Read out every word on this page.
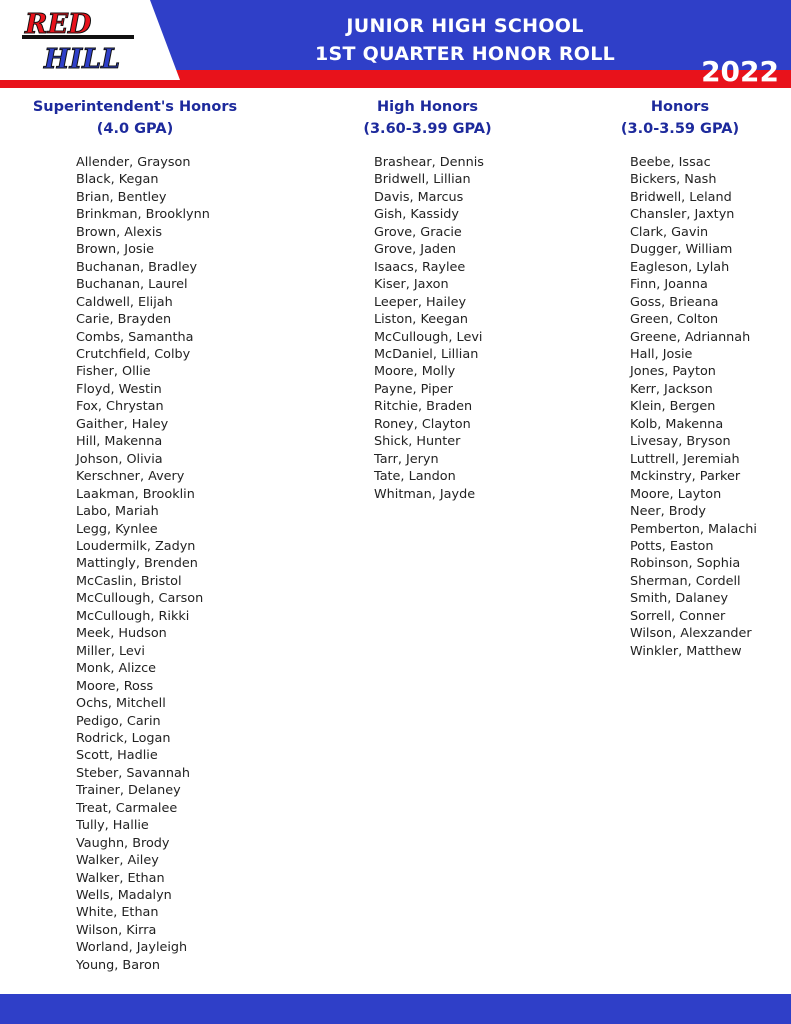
RED
HILL
JUNIOR HIGH SCHOOL
1ST QUARTER HONOR ROLL
2022
Superintendent's Honors
(4.0 GPA)
Allender, Grayson
Black, Kegan
Brian, Bentley
Brinkman, Brooklynn
Brown, Alexis
Brown, Josie
Buchanan, Bradley
Buchanan, Laurel
Caldwell, Elijah
Carie, Brayden
Combs, Samantha
Crutchfield, Colby
Fisher, Ollie
Floyd, Westin
Fox, Chrystan
Gaither, Haley
Hill, Makenna
Johson, Olivia
Kerschner, Avery
Laakman, Brooklin
Labo, Mariah
Legg, Kynlee
Loudermilk, Zadyn
Mattingly, Brenden
McCaslin, Bristol
McCullough, Carson
McCullough, Rikki
Meek, Hudson
Miller, Levi
Monk, Alizce
Moore, Ross
Ochs, Mitchell
Pedigo, Carin
Rodrick, Logan
Scott, Hadlie
Steber, Savannah
Trainer, Delaney
Treat, Carmalee
Tully, Hallie
Vaughn, Brody
Walker, Ailey
Walker, Ethan
Wells, Madalyn
White, Ethan
Wilson, Kirra
Worland, Jayleigh
Young, Baron
High Honors
(3.60-3.99 GPA)
Brashear, Dennis
Bridwell, Lillian
Davis, Marcus
Gish, Kassidy
Grove, Gracie
Grove, Jaden
Isaacs, Raylee
Kiser, Jaxon
Leeper, Hailey
Liston, Keegan
McCullough, Levi
McDaniel, Lillian
Moore, Molly
Payne, Piper
Ritchie, Braden
Roney, Clayton
Shick, Hunter
Tarr, Jeryn
Tate, Landon
Whitman, Jayde
Honors
(3.0-3.59 GPA)
Beebe, Issac
Bickers, Nash
Bridwell, Leland
Chansler, Jaxtyn
Clark, Gavin
Dugger, William
Eagleson, Lylah
Finn, Joanna
Goss, Brieana
Green, Colton
Greene, Adriannah
Hall, Josie
Jones, Payton
Kerr, Jackson
Klein, Bergen
Kolb, Makenna
Livesay, Bryson
Luttrell, Jeremiah
Mckinstry, Parker
Moore, Layton
Neer, Brody
Pemberton, Malachi
Potts, Easton
Robinson, Sophia
Sherman, Cordell
Smith, Dalaney
Sorrell, Conner
Wilson, Alexzander
Winkler, Matthew
